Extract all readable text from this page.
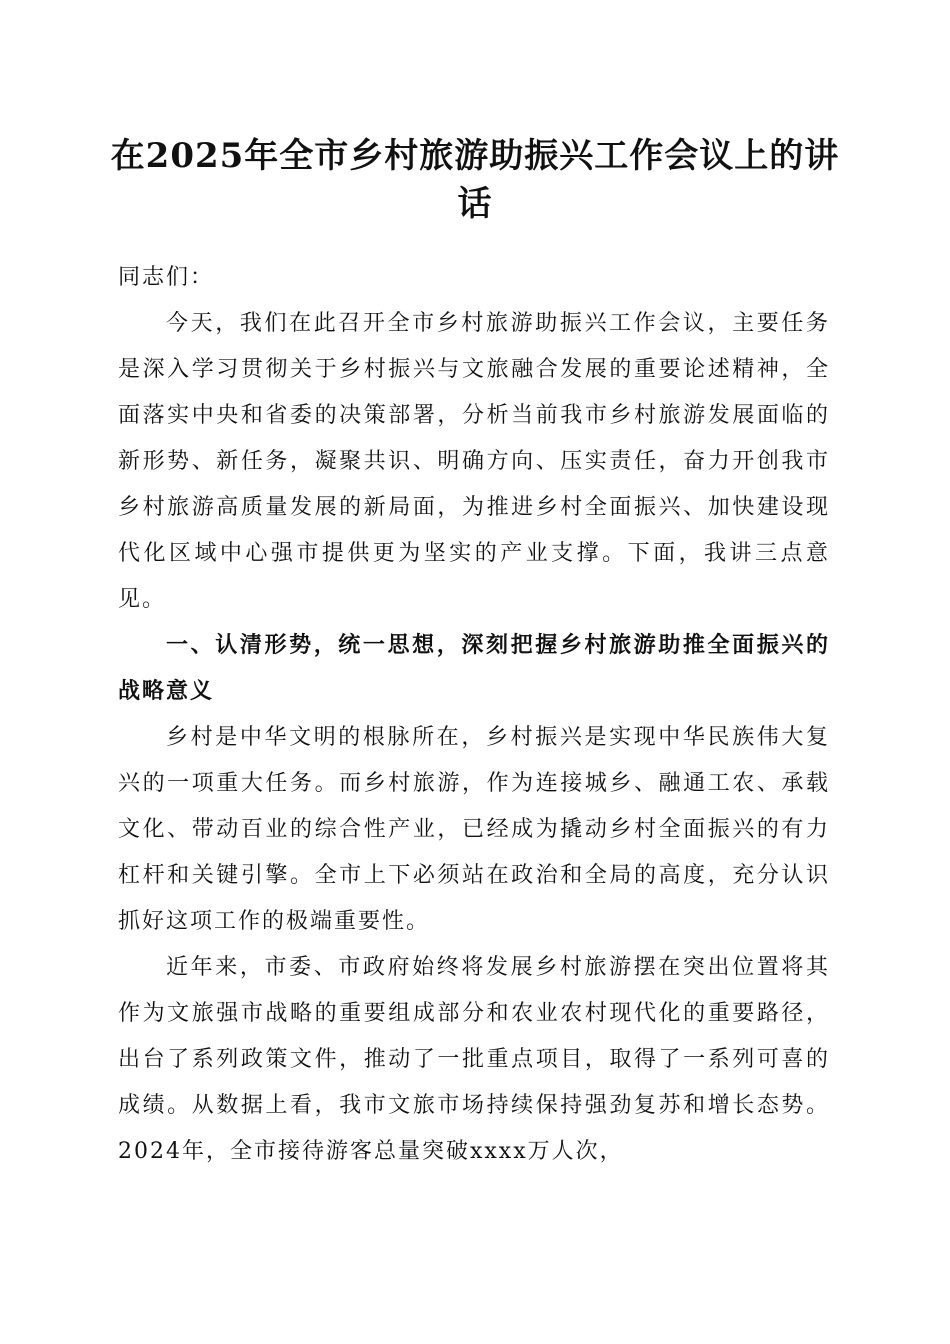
在2025年全市乡村旅游助振兴工作会议上的讲话

同志们：

今天，我们在此召开全市乡村旅游助振兴工作会议，主要任务是深入学习贯彻关于乡村振兴与文旅融合发展的重要论述精神，全面落实中央和省委的决策部署，分析当前我市乡村旅游发展面临的新形势、新任务，凝聚共识、明确方向、压实责任，奋力开创我市乡村旅游高质量发展的新局面，为推进乡村全面振兴、加快建设现代化区域中心强市提供更为坚实的产业支撑。下面，我讲三点意见。

一、认清形势，统一思想，深刻把握乡村旅游助推全面振兴的战略意义

乡村是中华文明的根脉所在，乡村振兴是实现中华民族伟大复兴的一项重大任务。而乡村旅游，作为连接城乡、融通工农、承载文化、带动百业的综合性产业，已经成为撬动乡村全面振兴的有力杠杆和关键引擎。全市上下必须站在政治和全局的高度，充分认识抓好这项工作的极端重要性。

近年来，市委、市政府始终将发展乡村旅游摆在突出位置将其作为文旅强市战略的重要组成部分和农业农村现代化的重要路径，出台了系列政策文件，推动了一批重点项目，取得了一系列可喜的成绩。从数据上看，我市文旅市场持续保持强劲复苏和增长态势。2024年，全市接待游客总量突破xxxx万人次，
